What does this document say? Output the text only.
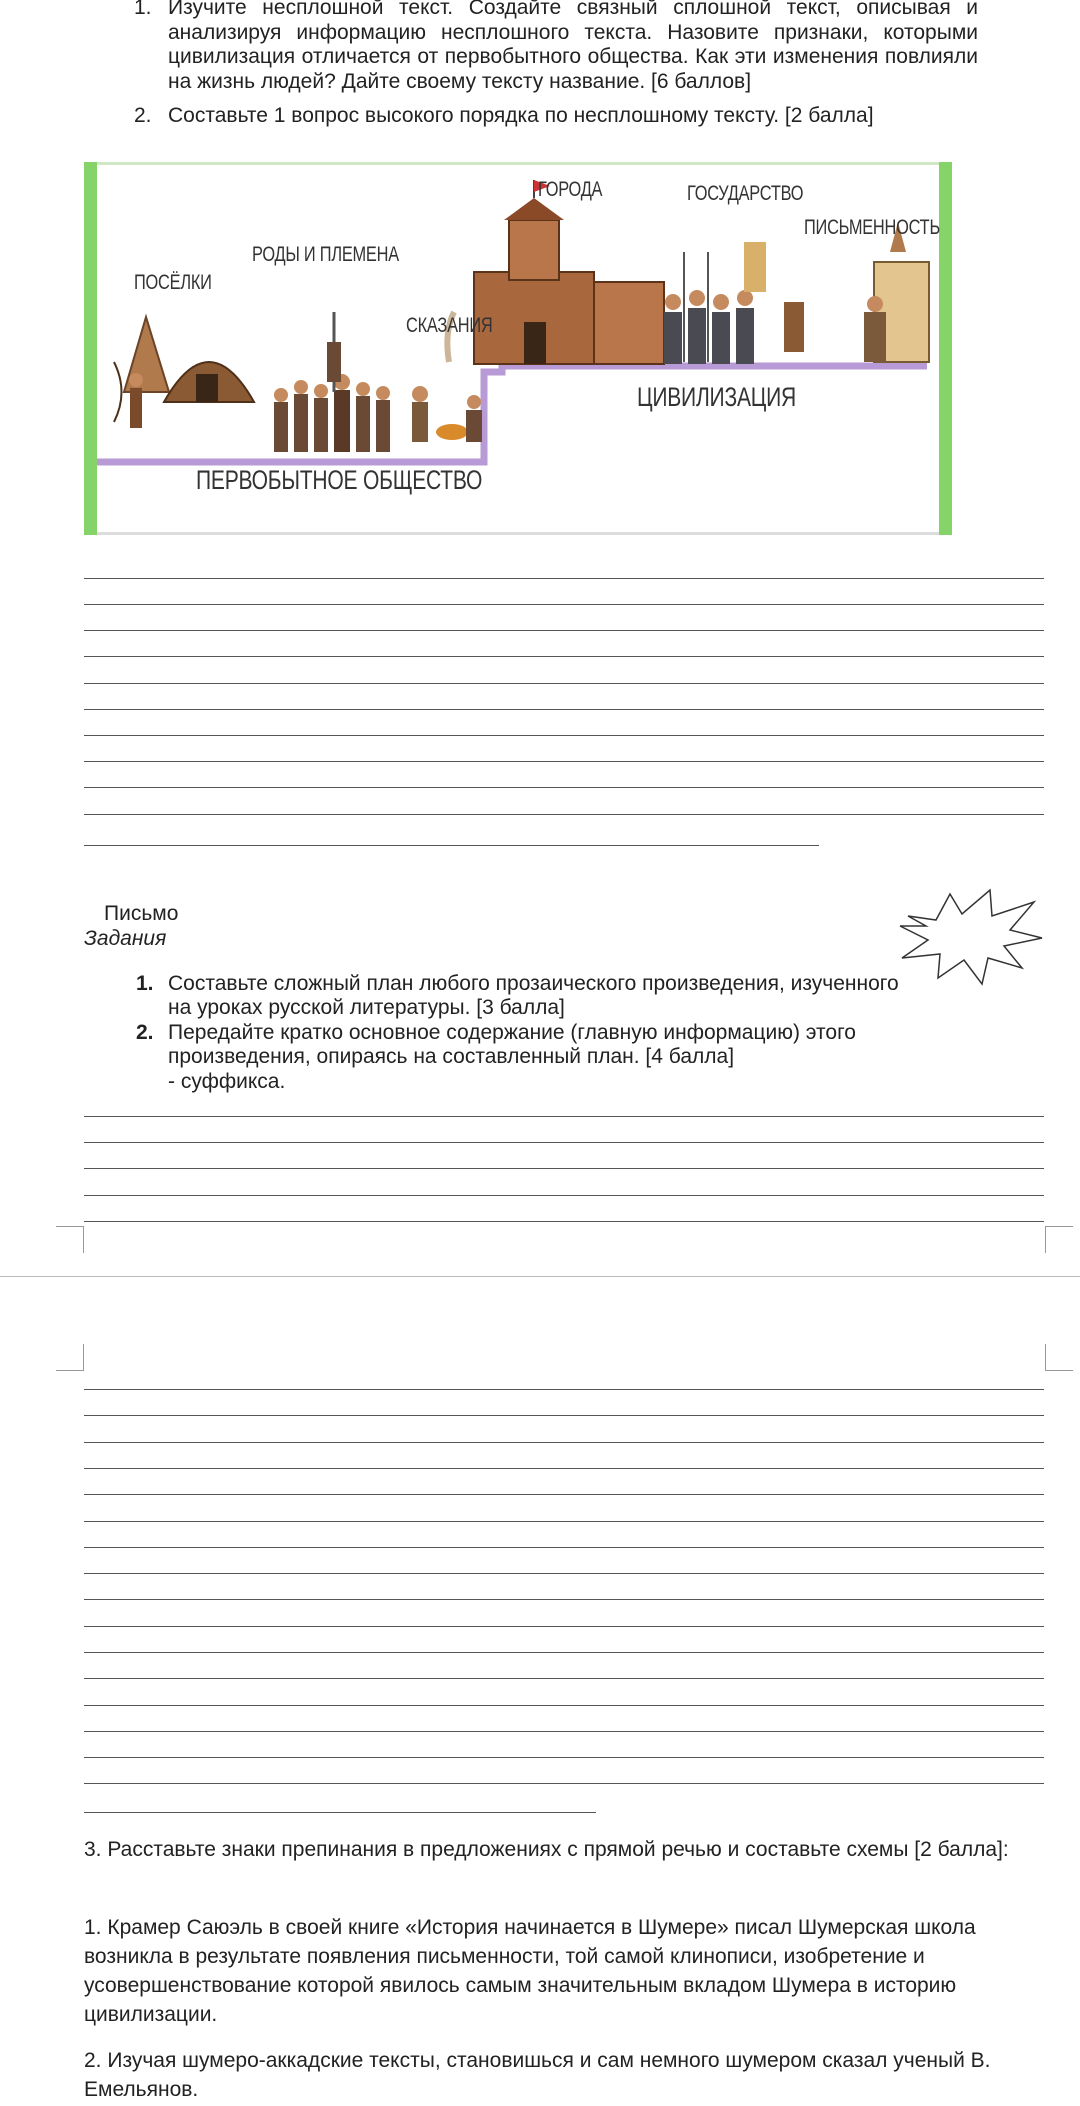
1. Изучите несплошной текст. Создайте связный сплошной текст, описывая и анализируя информацию несплошного текста. Назовите признаки, которыми цивилизация отличается от первобытного общества. Как эти изменения повлияли на жизнь людей? Дайте своему тексту название. [6 баллов]
2. Составьте 1 вопрос высокого порядка по несплошному тексту. [2 балла]
ПОСЁЛКИ
РОДЫ И ПЛЕМЕНА
СКАЗАНИЯ
ГОРОДА	ГОСУДАРСТВО
ПИСЬМЕННОСТЬ
ЦИВИЛИЗАЦИЯ
ПЕРВОБЫТНОЕ ОБЩЕСТВО
Письмо
Задания
1. Составьте сложный план любого прозаического произведения, изученного
на уроках русской литературы. [3 балла]
2. Передайте кратко основное содержание (главную информацию) этого
произведения, опираясь на составленный план. [4 балла]
- суффикса.
3. Расставьте знаки препинания в предложениях с прямой речью и составьте схемы [2 балла]:
1. Крамер Саюэль в своей книге «История начинается в Шумере» писал Шумерская школа возникла в результате появления письменности, той самой клинописи, изобретение и усовершенствование которой явилось самым значительным вкладом Шумера в историю цивилизации.
2. Изучая шумеро-аккадские тексты, становишься и сам немного шумером сказал ученый В. Емельянов.
